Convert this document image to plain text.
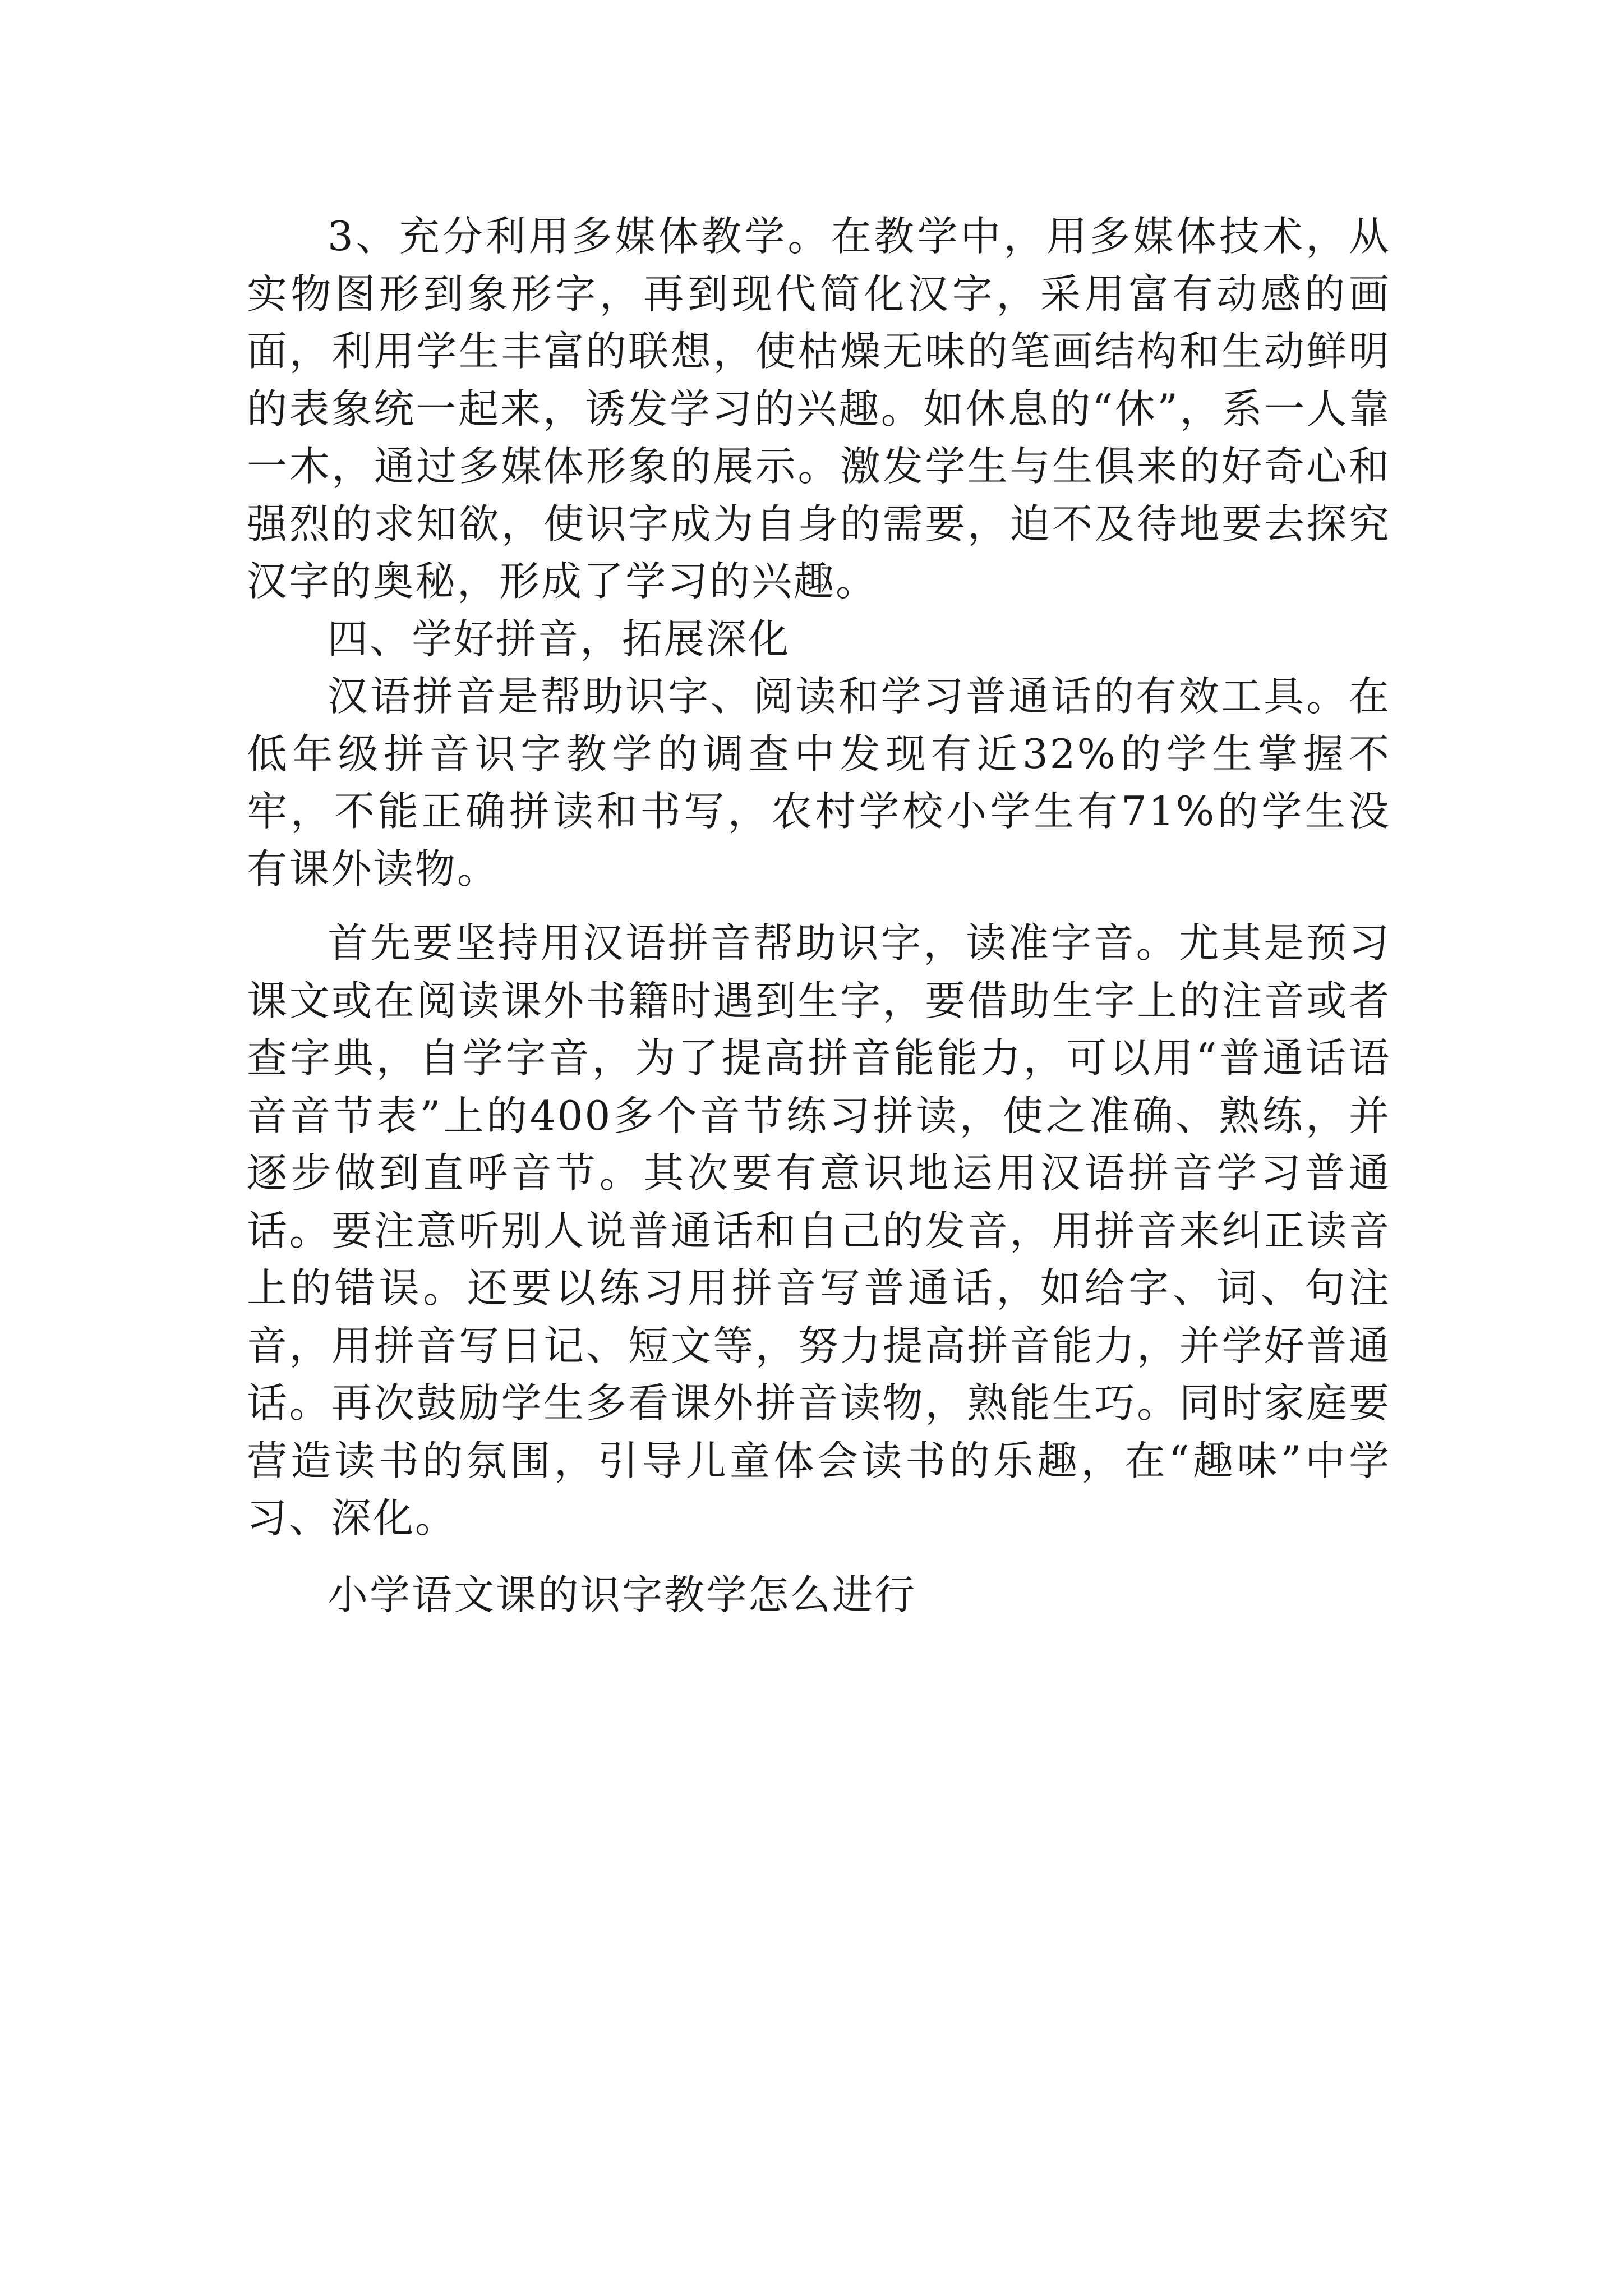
3、充分利用多媒体教学。在教学中，用多媒体技术，从实物图形到象形字，再到现代简化汉字，采用富有动感的画面，利用学生丰富的联想，使枯燥无味的笔画结构和生动鲜明的表象统一起来，诱发学习的兴趣。如休息的“休”，系一人靠一木，通过多媒体形象的展示。激发学生与生俱来的好奇心和强烈的求知欲，使识字成为自身的需要，迫不及待地要去探究汉字的奥秘，形成了学习的兴趣。

四、学好拼音，拓展深化

汉语拼音是帮助识字、阅读和学习普通话的有效工具。在低年级拼音识字教学的调查中发现有近32%的学生掌握不牢，不能正确拼读和书写，农村学校小学生有71%的学生没有课外读物。

首先要坚持用汉语拼音帮助识字，读准字音。尤其是预习课文或在阅读课外书籍时遇到生字，要借助生字上的注音或者查字典，自学字音，为了提高拼音能能力，可以用“普通话语音音节表”上的400多个音节练习拼读，使之准确、熟练，并逐步做到直呼音节。其次要有意识地运用汉语拼音学习普通话。要注意听别人说普通话和自己的发音，用拼音来纠正读音上的错误。还要以练习用拼音写普通话，如给字、词、句注音，用拼音写日记、短文等，努力提高拼音能力，并学好普通话。再次鼓励学生多看课外拼音读物，熟能生巧。同时家庭要营造读书的氛围，引导儿童体会读书的乐趣，在“趣味”中学习、深化。

小学语文课的识字教学怎么进行
